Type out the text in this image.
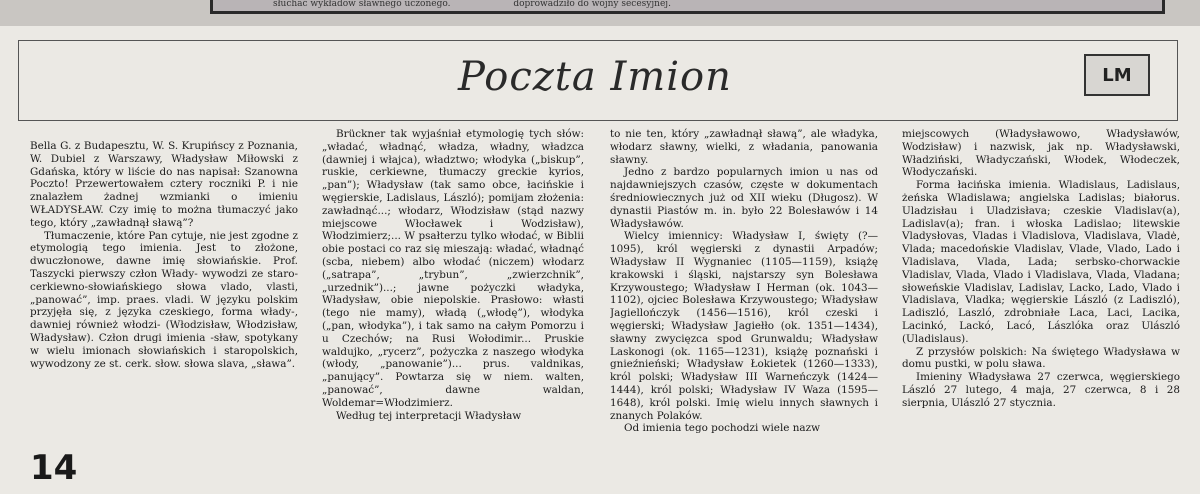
słuchać wykładów sławnego uczonego.	doprowadziło do wojny secesyjnej.
Poczta Imion	LM

Bella G. z Budapesztu, W. S. Krupińscy z Poznania, W. Dubiel z Warszawy, Władysław Miłowski z Gdańska, który w liście do nas napisał: Szanowna Poczto! Przewertowałem cztery roczniki P. i nie znalazłem żadnej wzmianki o imieniu WŁADYSŁAW. Czy imię to można tłumaczyć jako tego, który „zawładnął sławą”?

Tłumaczenie, które Pan cytuje, nie jest zgodne z etymologią tego imienia. Jest to złożone, dwuczłonowe, dawne imię słowiańskie. Prof. Taszycki pierwszy człon Włady- wywodzi ze staro-cerkiewno-słowiańskiego słowa vlado, vlasti, „panować”, imp. praes. vladi. W języku polskim przyjęła się, z języka czeskiego, forma włady-, dawniej również włodzi- (Włodzisław, Włodzisław, Władysław). Człon drugi imienia -sław, spotykany w wielu imionach słowiańskich i staropolskich, wywodzony ze st. cerk. słow. słowa slava, „sława”.

Brückner tak wyjaśniał etymologię tych słów: „władać, władnąć, władza, władny, władzca (dawniej i włajca), władztwo; włodyka („biskup”, ruskie, cerkiewne, tłumaczy greckie kyrios, „pan”); Władysław (tak samo obce, łacińskie i węgierskie, Ladislaus, László); pomijam złożenia: zawładnąć...; włodarz, Włodzisław (stąd nazwy miejscowe Włocławek i Wodzisław), Włodzimierz;... W psałterzu tylko włodać, w Biblii obie postaci co raz się mieszają: władać, władnąć (scba, niebem) albo włodać (niczem) włodarz („satrapa”, „trybun”, „zwierzchnik”, „urzednik”)...; jawne pożyczki władyka, Władysław, obie niepolskie. Prasłowo: własti (tego nie mamy), władą („włodę”), włodyka („pan, włodyka”), i tak samo na całym Pomorzu i u Czechów; na Rusi Wołodimir... Pruskie waldujko, „rycerz”, pożyczka z naszego włodyka (włody, „panowanie”)... prus. valdnikas, „panujący”. Powtarza się w niem. walten, „panować”, dawne waldan, Woldemar=Włodzimierz.

Według tej interpretacji Władysław

to nie ten, który „zawładnął sławą”, ale władyka, włodarz sławny, wielki, z władania, panowania sławny.

Jedno z bardzo popularnych imion u nas od najdawniejszych czasów, częste w dokumentach średniowiecznych już od XII wieku (Długosz). W dynastii Piastów m. in. było 22 Bolesławów i 14 Władysławów.

Wielcy imiennicy: Władysław I, święty (?—1095), król węgierski z dynastii Arpadów; Władysław II Wygnaniec (1105—1159), książę krakowski i śląski, najstarszy syn Bolesława Krzywoustego; Władysław I Herman (ok. 1043—1102), ojciec Bolesława Krzywoustego; Władysław Jagiellończyk (1456—1516), król czeski i węgierski; Władysław Jagiełło (ok. 1351—1434), sławny zwycięzca spod Grunwaldu; Władysław Laskonogi (ok. 1165—1231), książę poznański i gnieźnieński; Władysław Łokietek (1260—1333), król polski; Władysław III Warneńczyk (1424—1444), król polski; Władysław IV Waza (1595—1648), król polski. Imię wielu innych sławnych i znanych Polaków.

Od imienia tego pochodzi wiele nazw

miejscowych (Władysławowo, Władysławów, Wodzisław) i nazwisk, jak np. Władysławski, Władziński, Władyczański, Włodek, Włodeczek, Włodyczański.

Forma łacińska imienia. Wladislaus, Ladislaus, żeńska Wladislawa; angielska Ladislas; białorus. Uladzisłau i Uladzisłava; czeskie Vladislav(a), Ladislav(a); fran. i włoska Ladislao; litewskie Vladysłovas, Vladas i Vladislova, Vladislava, Vladė, Vlada; macedońskie Vladislav, Vlade, Vlado, Lado i Vladislava, Vlada, Lada; serbsko-chorwackie Vladislav, Vlada, Vlado i Vladislava, Vlada, Vladana; słoweńskie Vladislav, Ladislav, Lacko, Lado, Vlado i Vladislava, Vladka; węgierskie László (z Ladiszló), Ladiszló, Laszló, zdrobniałe Laca, Laci, Lacika, Lacinkó, Lackó, Lacó, Lászlóka oraz Ulászló (Uladislaus).

Z przysłów polskich: Na świętego Władysława w domu pustki, w polu sława.

Imieniny Władysława 27 czerwca, węgierskiego László 27 lutego, 4 maja, 27 czerwca, 8 i 28 sierpnia, Ulászló 27 stycznia.

14
